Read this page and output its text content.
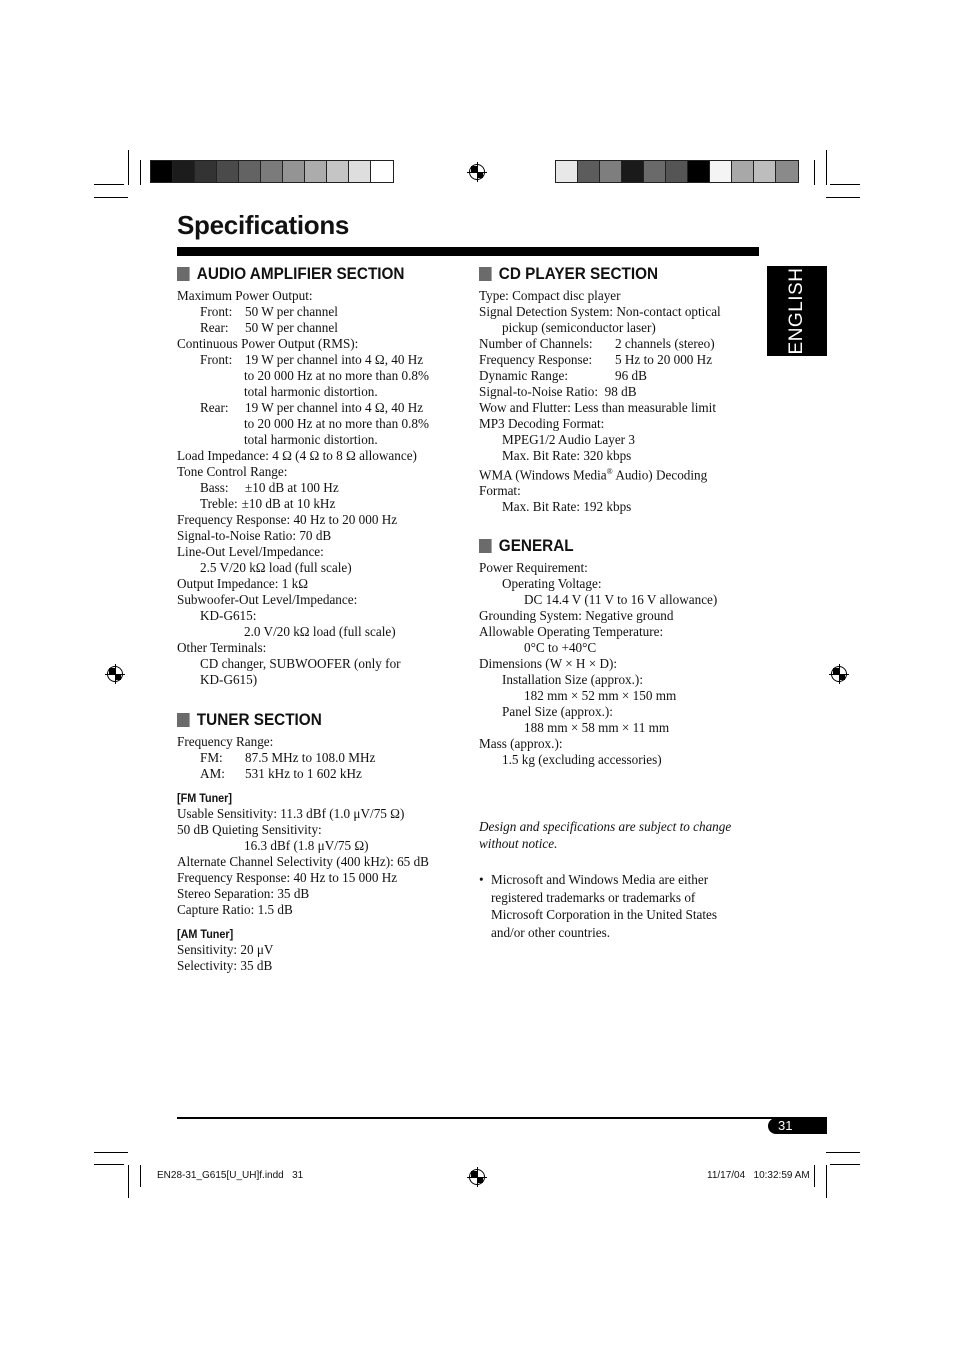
Specifications
ENGLISH
AUDIO AMPLIFIER SECTION
Maximum Power Output:
Front: 50 W per channel
Rear:	50 W per channel
Continuous Power Output (RMS):
Front: 19 W per channel into 4 Ω, 40 Hz
to 20 000 Hz at no more than 0.8%
total harmonic distortion.
Rear:	19 W per channel into 4 Ω, 40 Hz
to 20 000 Hz at no more than 0.8%
total harmonic distortion.
Load Impedance: 4 Ω (4 Ω to 8 Ω allowance)
Tone Control Range:
Bass:	±10 dB at 100 Hz
Treble: ±10 dB at 10 kHz
Frequency Response: 40 Hz to 20 000 Hz
Signal-to-Noise Ratio: 70 dB
Line-Out Level/Impedance:
2.5 V/20 kΩ load (full scale)
Output Impedance: 1 kΩ
Subwoofer-Out Level/Impedance:
KD-G615:
2.0 V/20 kΩ load (full scale)
Other Terminals:
CD changer, SUBWOOFER (only for
KD-G615)
TUNER SECTION
Frequency Range:
FM:	87.5 MHz to 108.0 MHz
AM:	531 kHz to 1 602 kHz
[FM Tuner]
Usable Sensitivity: 11.3 dBf (1.0 μV/75 Ω)
50 dB Quieting Sensitivity:
16.3 dBf (1.8 μV/75 Ω)
Alternate Channel Selectivity (400 kHz): 65 dB
Frequency Response: 40 Hz to 15 000 Hz
Stereo Separation: 35 dB
Capture Ratio: 1.5 dB
[AM Tuner]
Sensitivity: 20 μV
Selectivity: 35 dB
CD PLAYER SECTION
Type: Compact disc player
Signal Detection System: Non-contact optical
pickup (semiconductor laser)
Number of Channels:	2 channels (stereo)
Frequency Response:	5 Hz to 20 000 Hz
Dynamic Range:	96 dB
Signal-to-Noise Ratio:  98 dB
Wow and Flutter: Less than measurable limit
MP3 Decoding Format:
MPEG1/2 Audio Layer 3
Max. Bit Rate: 320 kbps
WMA (Windows Media® Audio) Decoding
Format:
Max. Bit Rate: 192 kbps
GENERAL
Power Requirement:
Operating Voltage:
DC 14.4 V (11 V to 16 V allowance)
Grounding System: Negative ground
Allowable Operating Temperature:
0°C to +40°C
Dimensions (W × H × D):
Installation Size (approx.):
182 mm × 52 mm × 150 mm
Panel Size (approx.):
188 mm × 58 mm × 11 mm
Mass (approx.):
1.5 kg (excluding accessories)
Design and specifications are subject to change
without notice.
• Microsoft and Windows Media are either
registered trademarks or trademarks of
Microsoft Corporation in the United States
and/or other countries.
31
EN28-31_G615[U_UH]f.indd   31	11/17/04   10:32:59 AM
